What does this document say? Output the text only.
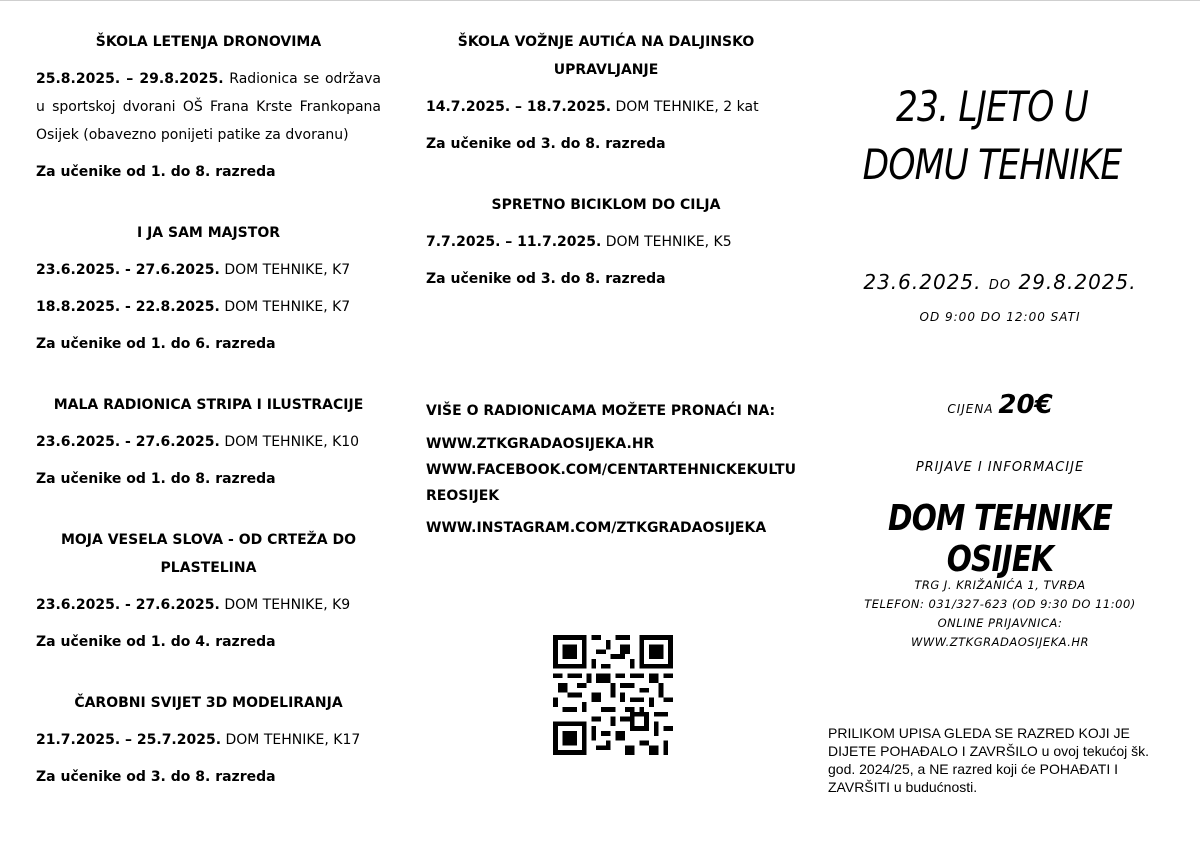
ŠKOLA LETENJA DRONOVIMA

25.8.2025. – 29.8.2025. Radionica se održava u sportskoj dvorani OŠ Frana Krste Frankopana Osijek (obavezno ponijeti patike za dvoranu)

Za učenike od 1. do 8. razreda

I JA SAM MAJSTOR

23.6.2025. - 27.6.2025. DOM TEHNIKE, K7

18.8.2025. - 22.8.2025. DOM TEHNIKE, K7

Za učenike od 1. do 6. razreda

MALA RADIONICA STRIPA I ILUSTRACIJE

23.6.2025. - 27.6.2025. DOM TEHNIKE, K10

Za učenike od 1. do 8. razreda

MOJA VESELA SLOVA - OD CRTEŽA DO

PLASTELINA

23.6.2025. - 27.6.2025. DOM TEHNIKE, K9

Za učenike od 1. do 4. razreda

ČAROBNI SVIJET 3D MODELIRANJA

21.7.2025. – 25.7.2025. DOM TEHNIKE, K17

Za učenike od 3. do 8. razreda

ŠKOLA VOŽNJE AUTIĆA NA DALJINSKO

UPRAVLJANJE

14.7.2025. – 18.7.2025. DOM TEHNIKE, 2 kat

Za učenike od 3. do 8. razreda

SPRETNO BICIKLOM DO CILJA

7.7.2025. – 11.7.2025. DOM TEHNIKE, K5

Za učenike od 3. do 8. razreda

VIŠE O RADIONICAMA MOŽETE PRONAĆI NA:

WWW.ZTKGRADAOSIJEKA.HR

WWW.FACEBOOK.COM/CENTARTEHNICKEKULTU

REOSIJEK

WWW.INSTAGRAM.COM/ZTKGRADAOSIJEKA

23. LJETO U
DOMU TEHNIKE
23.6.2025. DO 29.8.2025.
OD 9:00 DO 12:00 SATI
CIJENA 20€
PRIJAVE I INFORMACIJE
DOM TEHNIKE OSIJEK
TRG J. KRIŽANIĆA 1, TVRĐA
TELEFON: 031/327-623 (OD 9:30 DO 11:00)
ONLINE PRIJAVNICA:
WWW.ZTKGRADAOSIJEKA.HR
PRILIKOM UPISA GLEDA SE RAZRED KOJI JE DIJETE POHAĐALO I ZAVRŠILO u ovoj tekućoj šk. god. 2024/25, a NE razred koji će POHAĐATI I ZAVRŠITI u budućnosti.
